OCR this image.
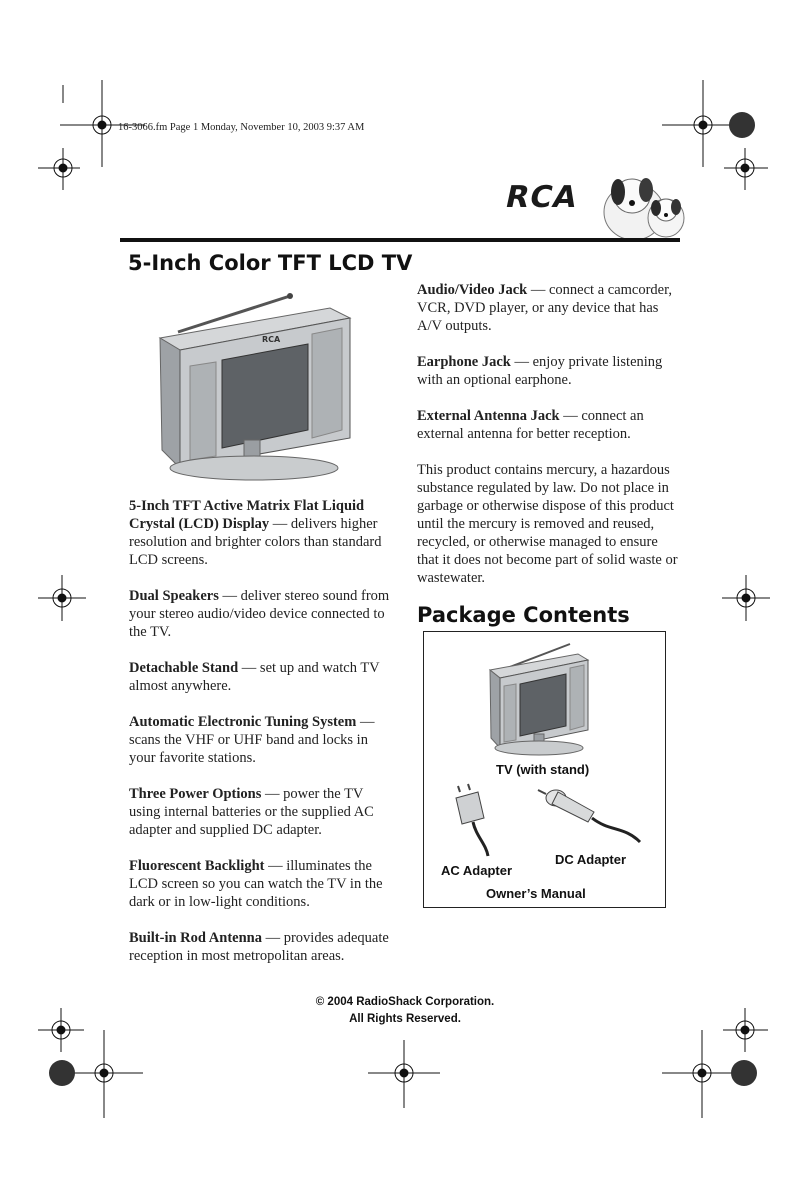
16-3066.fm Page 1 Monday, November 10, 2003 9:37 AM
RCA
5-Inch Color TFT LCD TV
RCA

5-Inch TFT Active Matrix Flat Liquid Crystal (LCD) Display — delivers higher resolution and brighter colors than standard LCD screens.

Dual Speakers — deliver stereo sound from your stereo audio/video device connected to the TV.

Detachable Stand — set up and watch TV almost anywhere.

Automatic Electronic Tuning System — scans the VHF or UHF band and locks in your favorite stations.

Three Power Options — power the TV using internal batteries or the supplied AC adapter and supplied DC adapter.

Fluorescent Backlight — illuminates the LCD screen so you can watch the TV in the dark or in low-light conditions.

Built-in Rod Antenna — provides adequate reception in most metropolitan areas.

Audio/Video Jack — connect a camcorder, VCR, DVD player, or any device that has A/V outputs.

Earphone Jack — enjoy private listening with an optional earphone.

External Antenna Jack — connect an external antenna for better reception.

This product contains mercury, a hazardous substance regulated by law. Do not place in garbage or otherwise dispose of this product until the mercury is removed and reused, recycled, or otherwise managed to ensure that it does not become part of solid waste or wastewater.

Package Contents
TV (with stand)
DC Adapter
AC Adapter
Owner’s Manual
© 2004 RadioShack Corporation.
All Rights Reserved.
